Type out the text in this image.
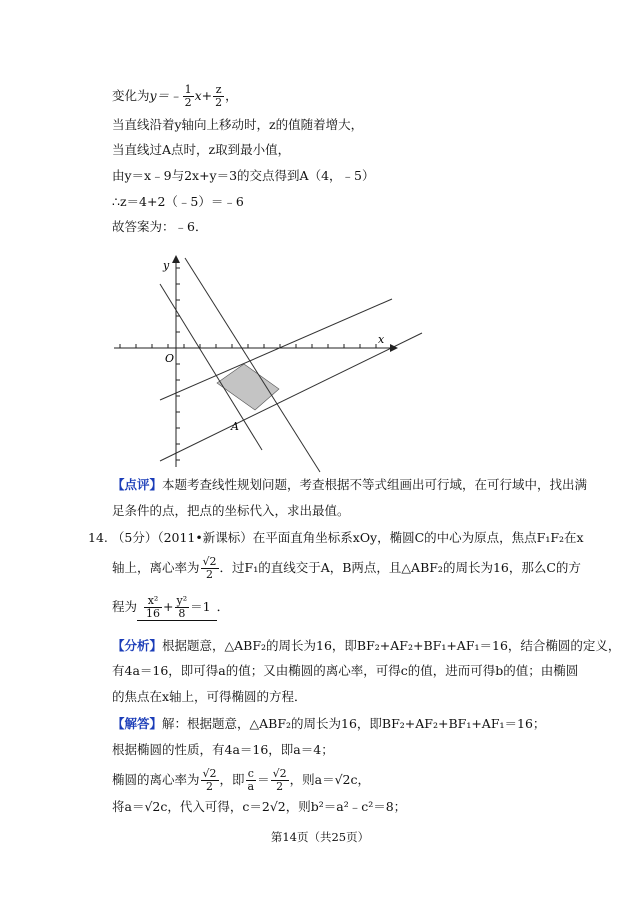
变化为y＝﹣ $\frac{1}{2} x+ \frac{z}{2}$ ，
当直线沿着y轴向上移动时，z的值随着增大，
当直线过A点时，z取到最小值，
由y＝x﹣9与2x+y＝3的交点得到A（4，﹣5）
∴z＝4+2（﹣5）＝﹣6
故答案为：﹣6．
x
y
O
A
【点评】本题考查线性规划问题，考查根据不等式组画出可行域，在可行域中，找出满
足条件的点，把点的坐标代入，求出最值。
14. （5分）（2011•新课标）在平面直角坐标系xOy，椭圆C的中心为原点，焦点F₁F₂在x
轴上，离心率为 $\frac{√2}{2}$ ．过F₁的直线交于A，B两点，且△ABF₂的周长为16，那么C的方
程为 $\frac{\text{x²}}{16} + \frac{\text{y²}}{8} =1$ ．
【分析】根据题意，△ABF₂的周长为16，即BF₂+AF₂+BF₁+AF₁＝16，结合椭圆的定义，
有4a＝16，即可得a的值；又由椭圆的离心率，可得c的值，进而可得b的值；由椭圆
的焦点在x轴上，可得椭圆的方程．
【解答】解：根据题意，△ABF₂的周长为16，即BF₂+AF₂+BF₁+AF₁＝16；
根据椭圆的性质，有4a＝16，即a＝4；
椭圆的离心率为 $\frac{√2}{2}$ ，即 $\frac{c}{a} = \frac{√2}{2}$ ，则a＝√2c，
将a＝√2c，代入可得，c＝2√2，则b²＝a²﹣c²＝8；
第14页（共25页）
